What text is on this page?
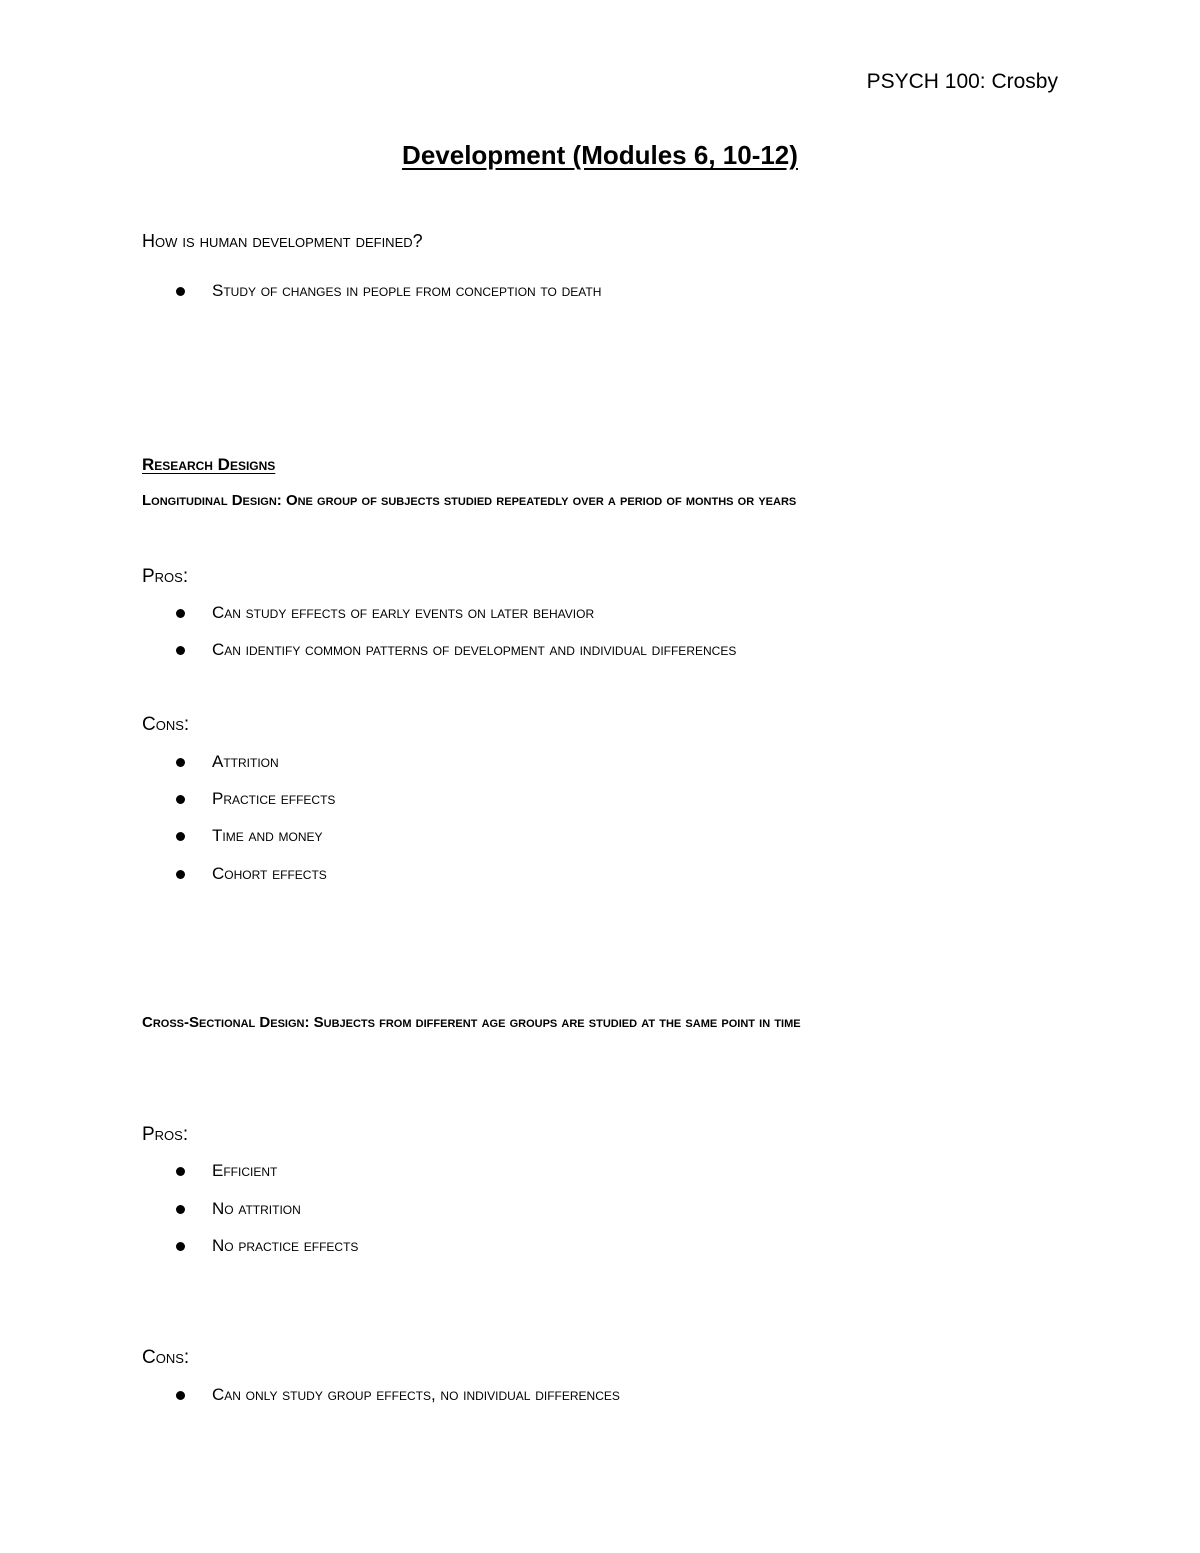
PSYCH 100: Crosby
Development (Modules 6, 10-12)
How is human development defined?
Study of changes in people from conception to death
Research Designs
Longitudinal Design: One group of subjects studied repeatedly over a period of months or years
Pros:
Can study effects of early events on later behavior
Can identify common patterns of development and individual differences
Cons:
Attrition
Practice effects
Time and money
Cohort effects
Cross-Sectional Design: Subjects from different age groups are studied at the same point in time
Pros:
Efficient
No attrition
No practice effects
Cons:
Can only study group effects, no individual differences
